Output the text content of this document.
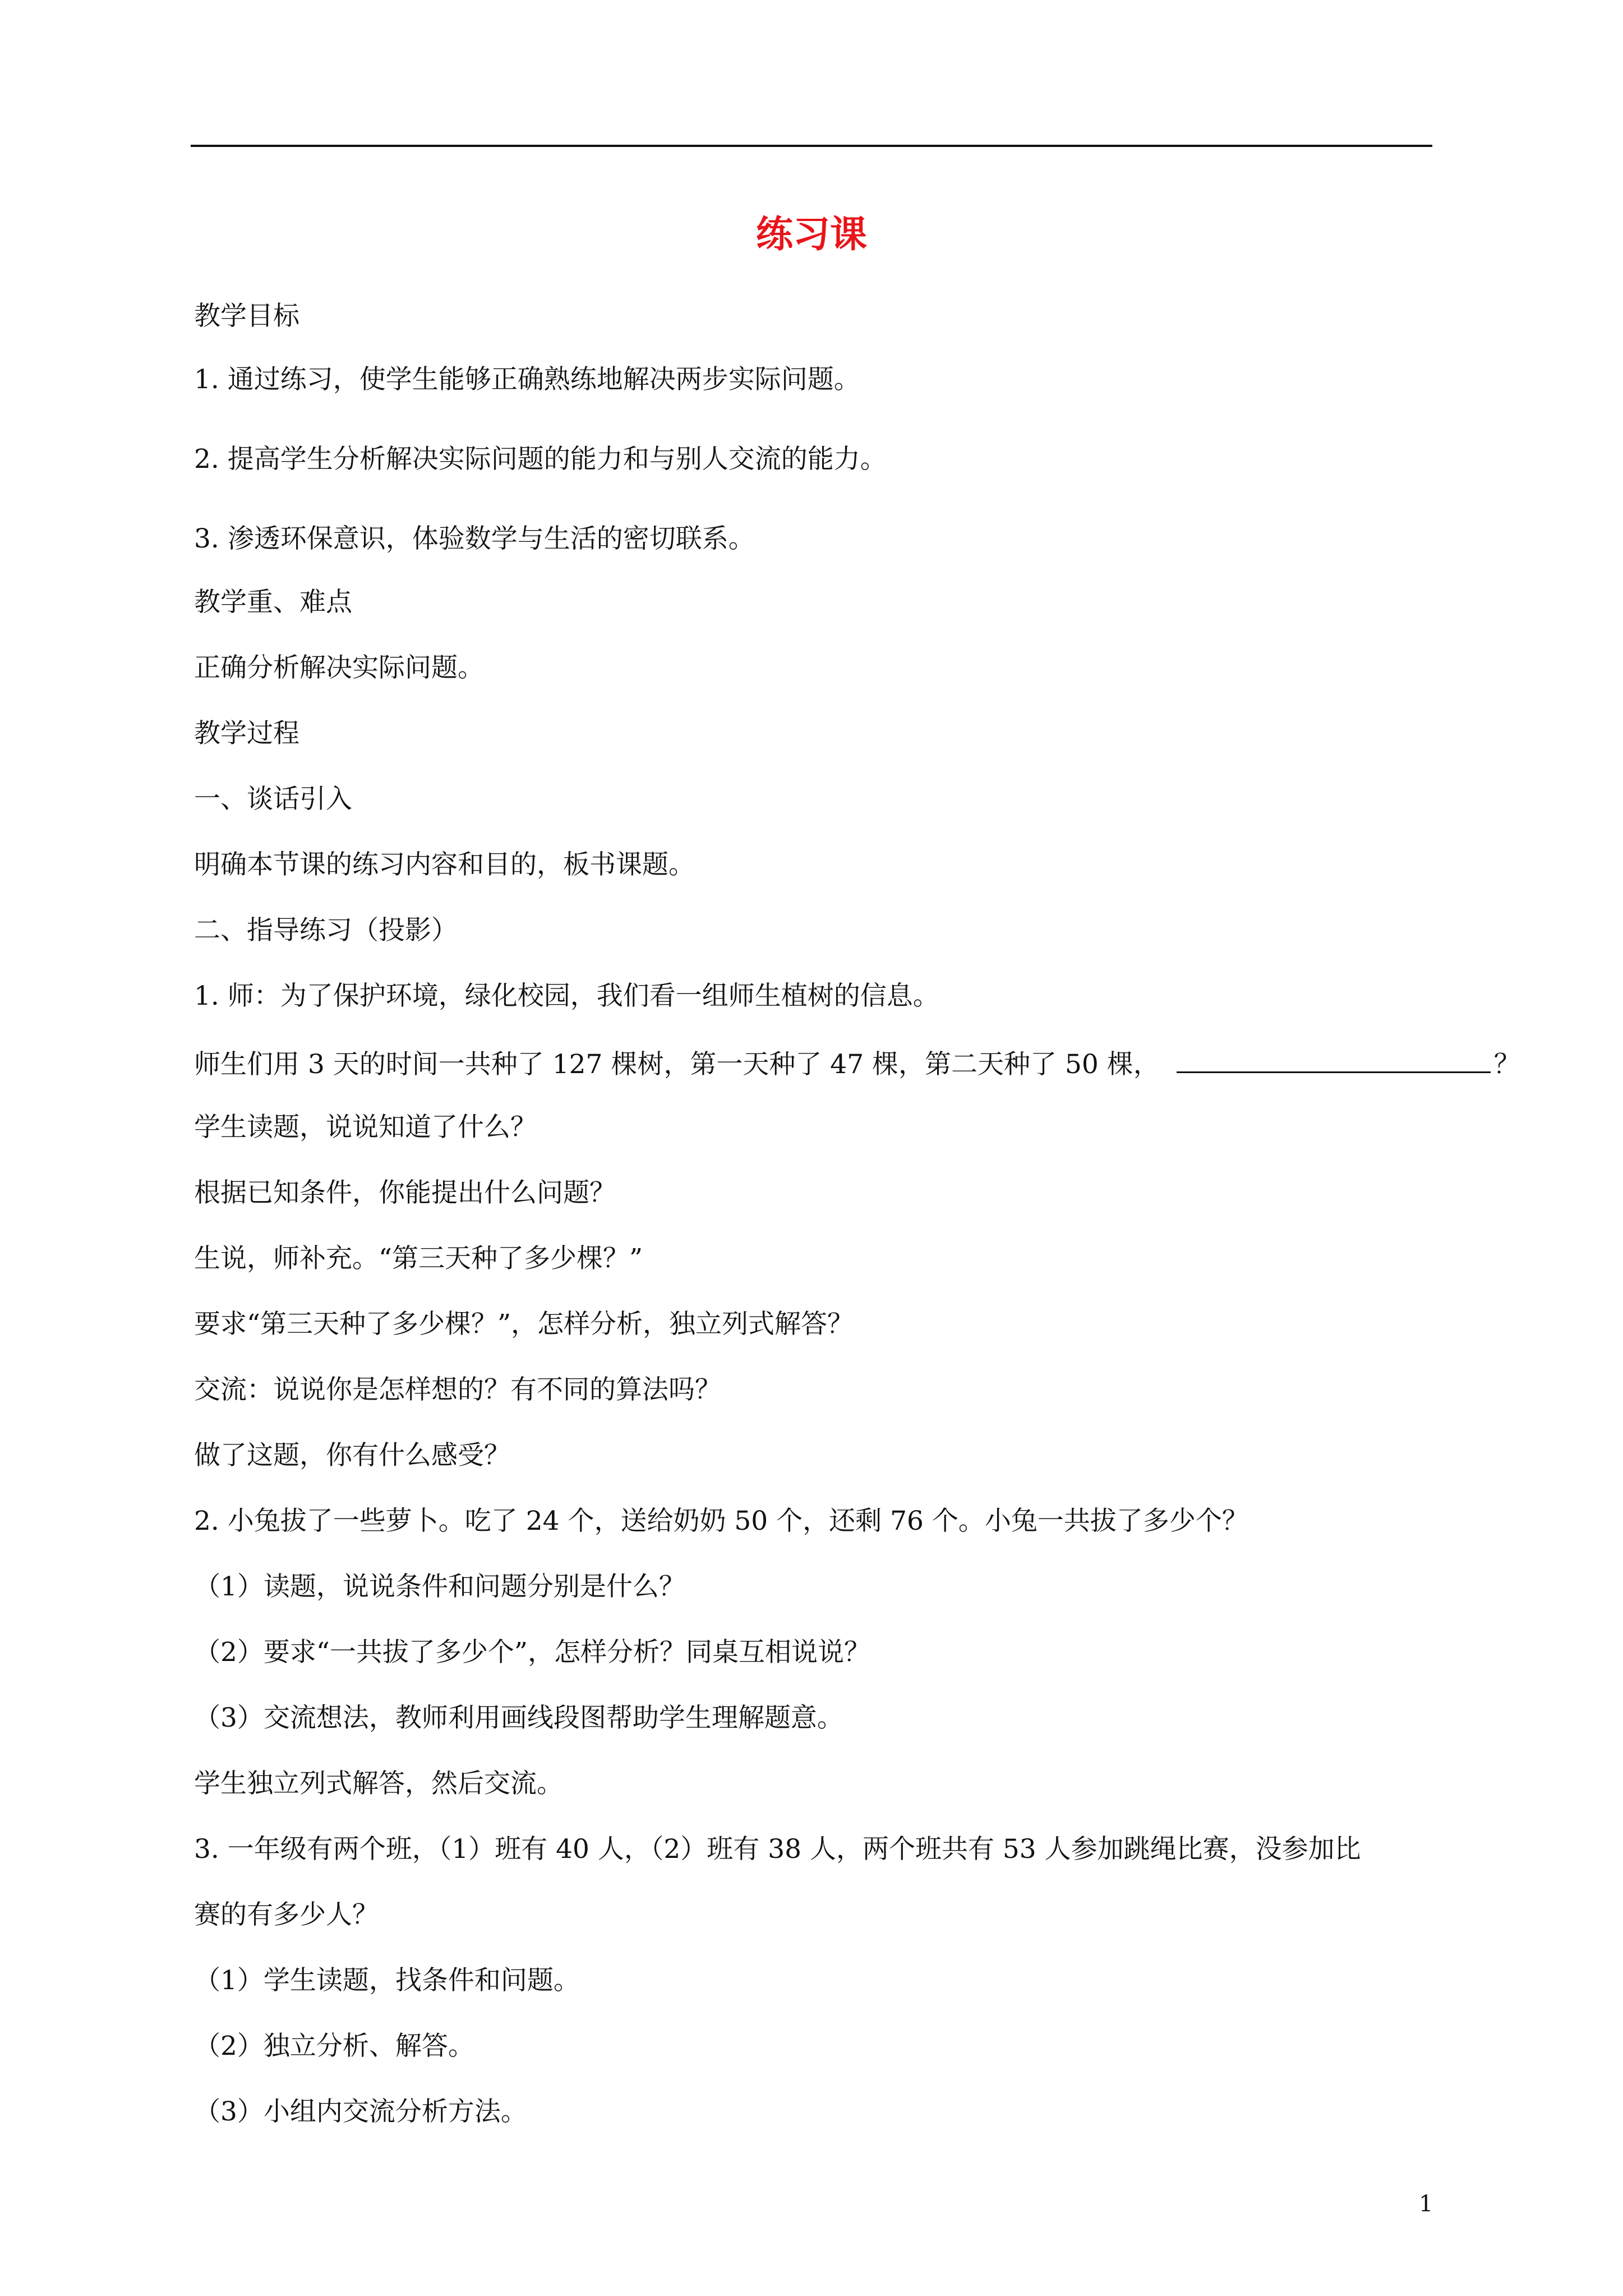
练习课
教学目标
1. 通过练习，使学生能够正确熟练地解决两步实际问题。
2. 提高学生分析解决实际问题的能力和与别人交流的能力。
3. 渗透环保意识，体验数学与生活的密切联系。
教学重、难点
正确分析解决实际问题。
教学过程
一、谈话引入
明确本节课的练习内容和目的，板书课题。
二、指导练习（投影）
1. 师：为了保护环境，绿化校园，我们看一组师生植树的信息。
师生们用 3 天的时间一共种了 127 棵树，第一天种了 47 棵，第二天种了 50 棵，	？
学生读题，说说知道了什么？
根据已知条件，你能提出什么问题？
生说，师补充。“第三天种了多少棵？”
要求“第三天种了多少棵？”，怎样分析，独立列式解答？
交流：说说你是怎样想的？有不同的算法吗？
做了这题，你有什么感受？
2. 小兔拔了一些萝卜。吃了 24 个，送给奶奶 50 个，还剩 76 个。小兔一共拔了多少个？
（1）读题，说说条件和问题分别是什么？
（2）要求“一共拔了多少个”，怎样分析？同桌互相说说？
（3）交流想法，教师利用画线段图帮助学生理解题意。
学生独立列式解答，然后交流。
3. 一年级有两个班，（1）班有 40 人，（2）班有 38 人，两个班共有 53 人参加跳绳比赛，没参加比
赛的有多少人？
（1）学生读题，找条件和问题。
（2）独立分析、解答。
（3）小组内交流分析方法。
1
